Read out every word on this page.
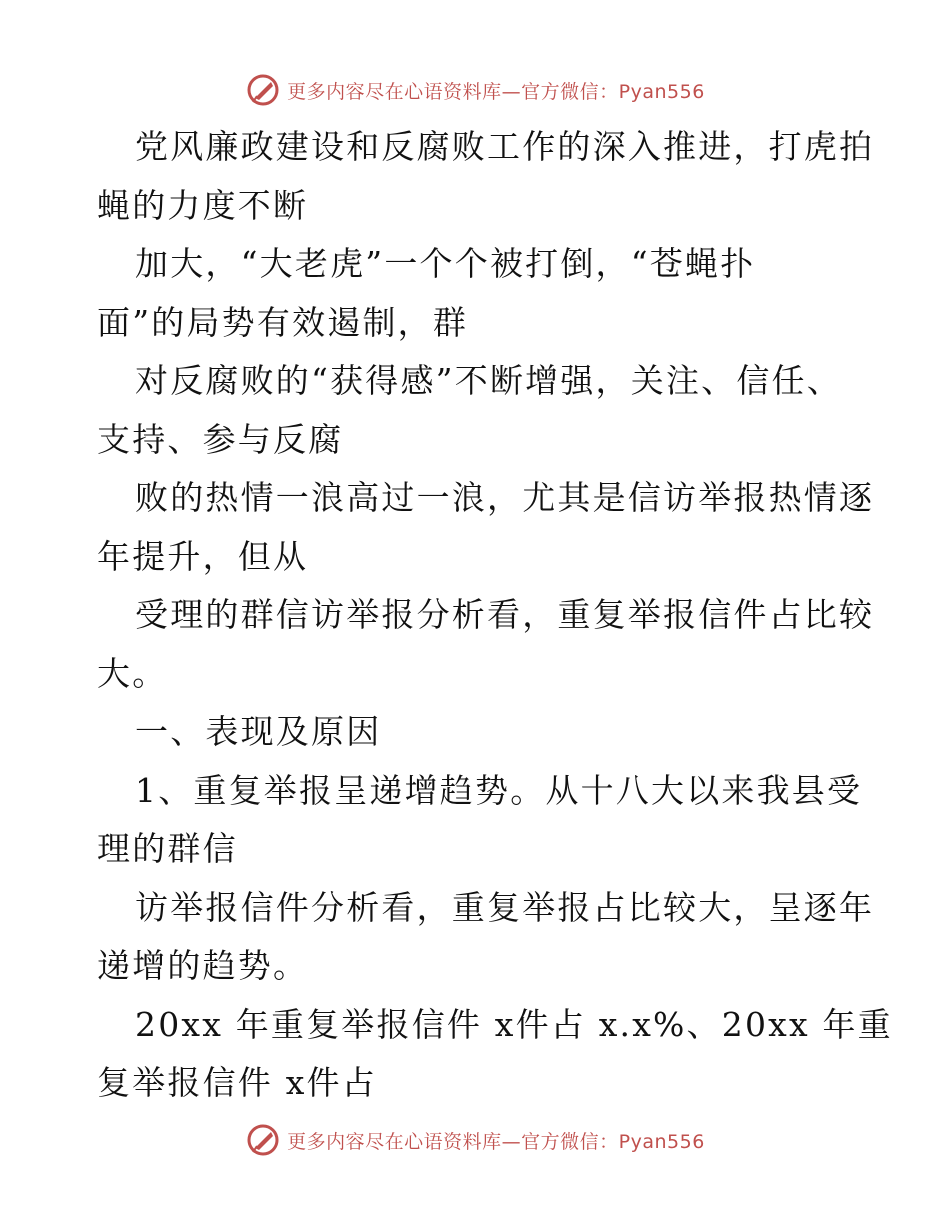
更多内容尽在心语资料库—官方微信：Pyan556
党风廉政建设和反腐败工作的深入推进，打虎拍
蝇的力度不断
加大，“大老虎”一个个被打倒，“苍蝇扑
面”的局势有效遏制，群
对反腐败的“获得感”不断增强，关注、信任、
支持、参与反腐
败的热情一浪高过一浪，尤其是信访举报热情逐
年提升，但从
受理的群信访举报分析看，重复举报信件占比较
大。
一、表现及原因
1、重复举报呈递增趋势。从十八大以来我县受
理的群信
访举报信件分析看，重复举报占比较大，呈逐年
递增的趋势。
20xx 年重复举报信件 x件占 x.x%、20xx 年重
复举报信件 x件占
更多内容尽在心语资料库—官方微信：Pyan556
